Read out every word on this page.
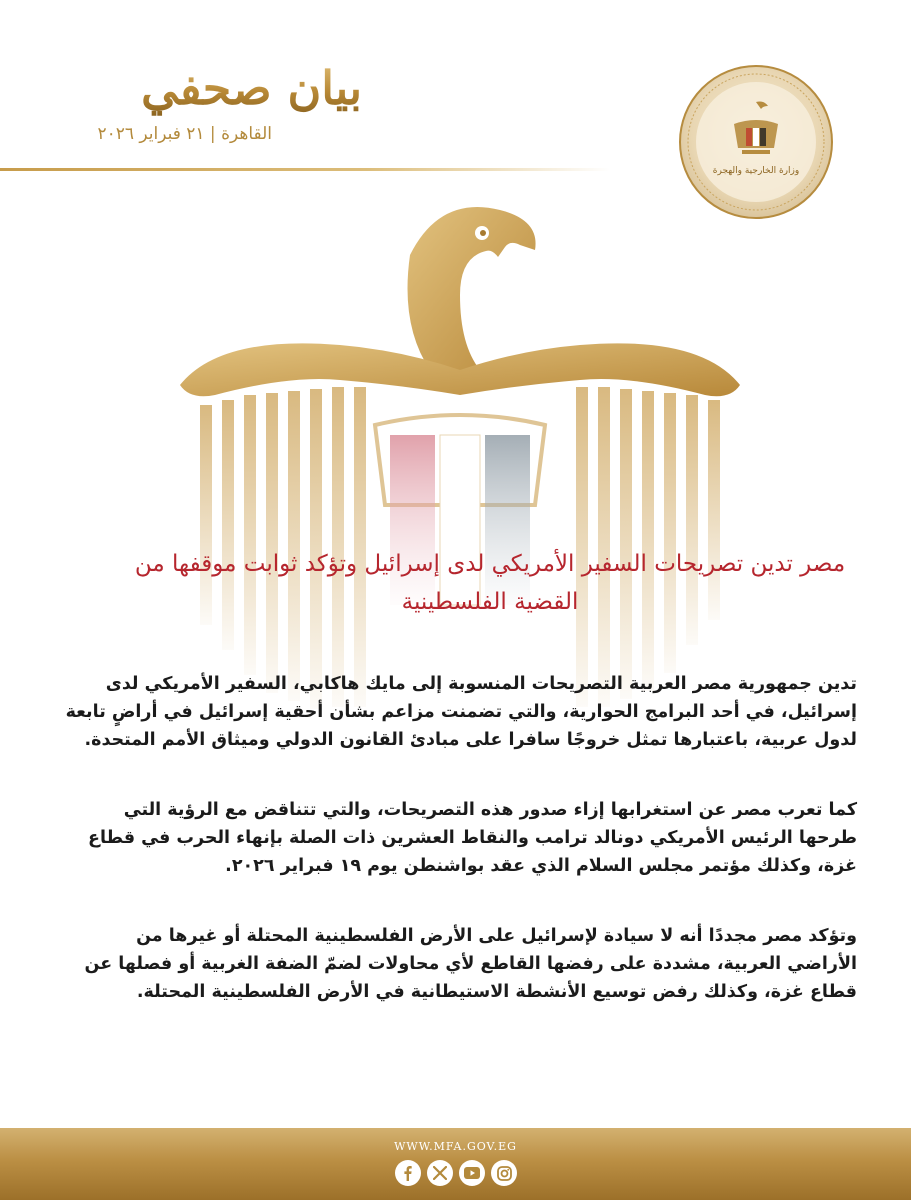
بيان صحفي
القاهرة | ٢١ فبراير ٢٠٢٦
وزارة الخارجية والهجرة
مصر تدين تصريحات السفير الأمريكي لدى إسرائيل وتؤكد ثوابت موقفها من
القضية الفلسطينية

تدين جمهورية مصر العربية التصريحات المنسوبة إلى مايك هاكابي، السفير الأمريكي لدى إسرائيل، في أحد البرامج الحوارية، والتي تضمنت مزاعم بشأن أحقية إسرائيل في أراضٍ تابعة لدول عربية، باعتبارها تمثل خروجًا سافرا على مبادئ القانون الدولي وميثاق الأمم المتحدة.

كما تعرب مصر عن استغرابها إزاء صدور هذه التصريحات، والتي تتناقض مع الرؤية التي طرحها الرئيس الأمريكي دونالد ترامب والنقاط العشرين ذات الصلة بإنهاء الحرب في قطاع غزة، وكذلك مؤتمر مجلس السلام الذي عقد بواشنطن يوم ١٩ فبراير ٢٠٢٦.

وتؤكد مصر مجددًا أنه لا سيادة لإسرائيل على الأرض الفلسطينية المحتلة أو غيرها من الأراضي العربية، مشددة على رفضها القاطع لأي محاولات لضمّ الضفة الغربية أو فصلها عن قطاع غزة، وكذلك رفض توسيع الأنشطة الاستيطانية في الأرض الفلسطينية المحتلة.

WWW.MFA.GOV.EG
